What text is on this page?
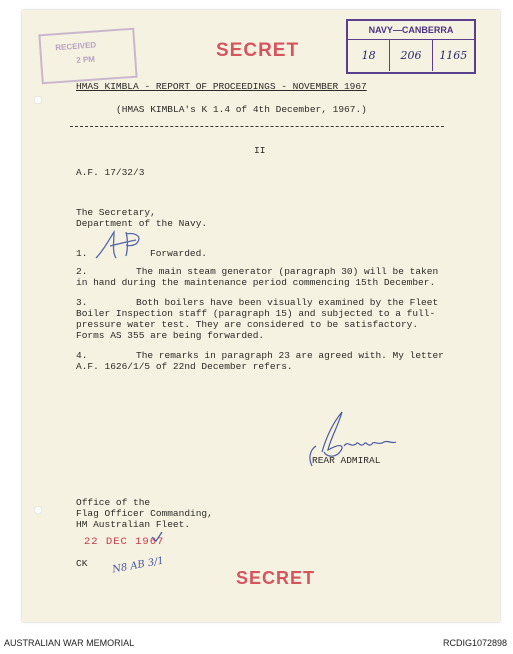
RECEIVED
2 PM	SECRET
NAVY—CANBERRA
18	206	1165
HMAS KIMBLA - REPORT OF PROCEEDINGS - NOVEMBER 1967
(HMAS KIMBLA's K 1.4 of 4th December, 1967.)
II
A.F. 17/32/3
The Secretary,
Department of the Navy.
1.	Forwarded.
2.	The main steam generator (paragraph 30) will be taken
in hand during the maintenance period commencing 15th December.
3.	Both boilers have been visually examined by the Fleet
Boiler Inspection staff (paragraph 15) and subjected to a full-
pressure water test. They are considered to be satisfactory.
Forms AS 355 are being forwarded.
4.	The remarks in paragraph 23 are agreed with. My letter
A.F. 1626/1/5 of 22nd December refers.
REAR ADMIRAL
Office of the
Flag Officer Commanding,
HM Australian Fleet.
22 DEC 1967
CK N8 AB 3/1
SECRET
AUSTRALIAN WAR MEMORIAL	RCDIG1072898
